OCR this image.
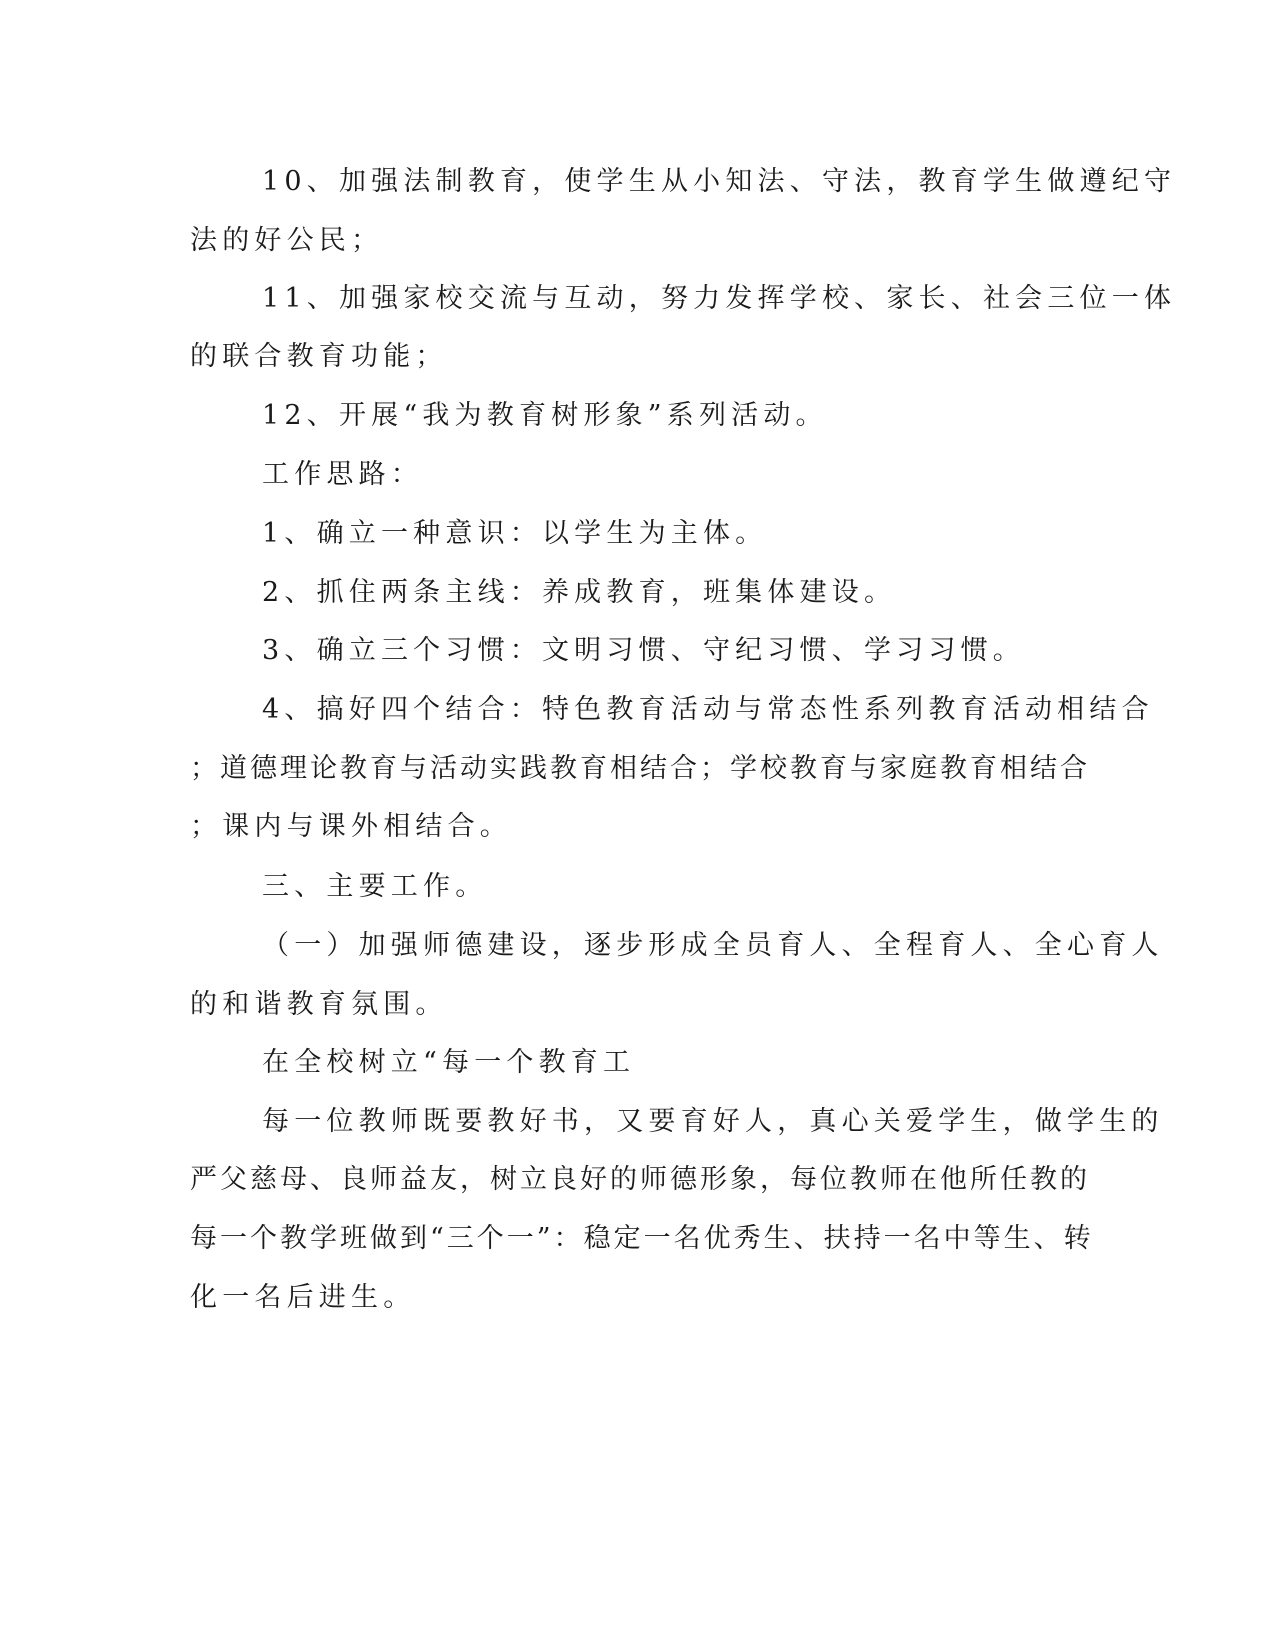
10、加强法制教育，使学生从小知法、守法，教育学生做遵纪守
法的好公民；
11、加强家校交流与互动，努力发挥学校、家长、社会三位一体
的联合教育功能；
12、开展“我为教育树形象”系列活动。
工作思路：
1、确立一种意识：以学生为主体。
2、抓住两条主线：养成教育，班集体建设。
3、确立三个习惯：文明习惯、守纪习惯、学习习惯。
4、搞好四个结合：特色教育活动与常态性系列教育活动相结合
；道德理论教育与活动实践教育相结合；学校教育与家庭教育相结合
；课内与课外相结合。
三、主要工作。
（一）加强师德建设，逐步形成全员育人、全程育人、全心育人
的和谐教育氛围。
在全校树立“每一个教育工
每一位教师既要教好书，又要育好人，真心关爱学生，做学生的
严父慈母、良师益友，树立良好的师德形象，每位教师在他所任教的
每一个教学班做到“三个一”：稳定一名优秀生、扶持一名中等生、转
化一名后进生。
